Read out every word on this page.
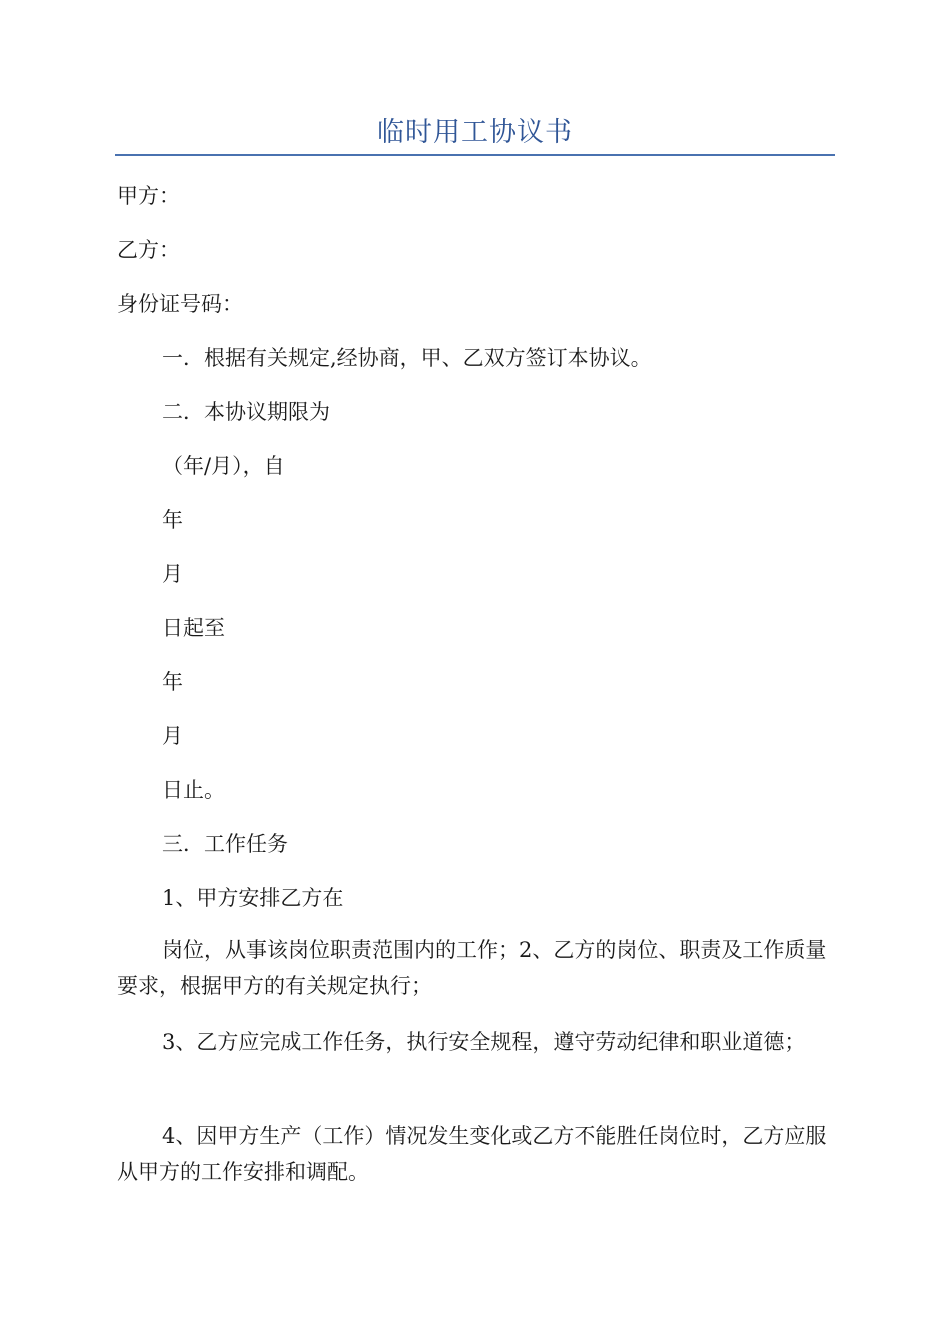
临时用工协议书
甲方：
乙方：
身份证号码：
一．根据有关规定,经协商，甲、乙双方签订本协议。
二．本协议期限为
（年/月），自
年
月
日起至
年
月
日止。
三．工作任务
1、甲方安排乙方在
岗位，从事该岗位职责范围内的工作；2、乙方的岗位、职责及工作质量要求，根据甲方的有关规定执行；
3、乙方应完成工作任务，执行安全规程，遵守劳动纪律和职业道德；
4、因甲方生产（工作）情况发生变化或乙方不能胜任岗位时，乙方应服从甲方的工作安排和调配。
